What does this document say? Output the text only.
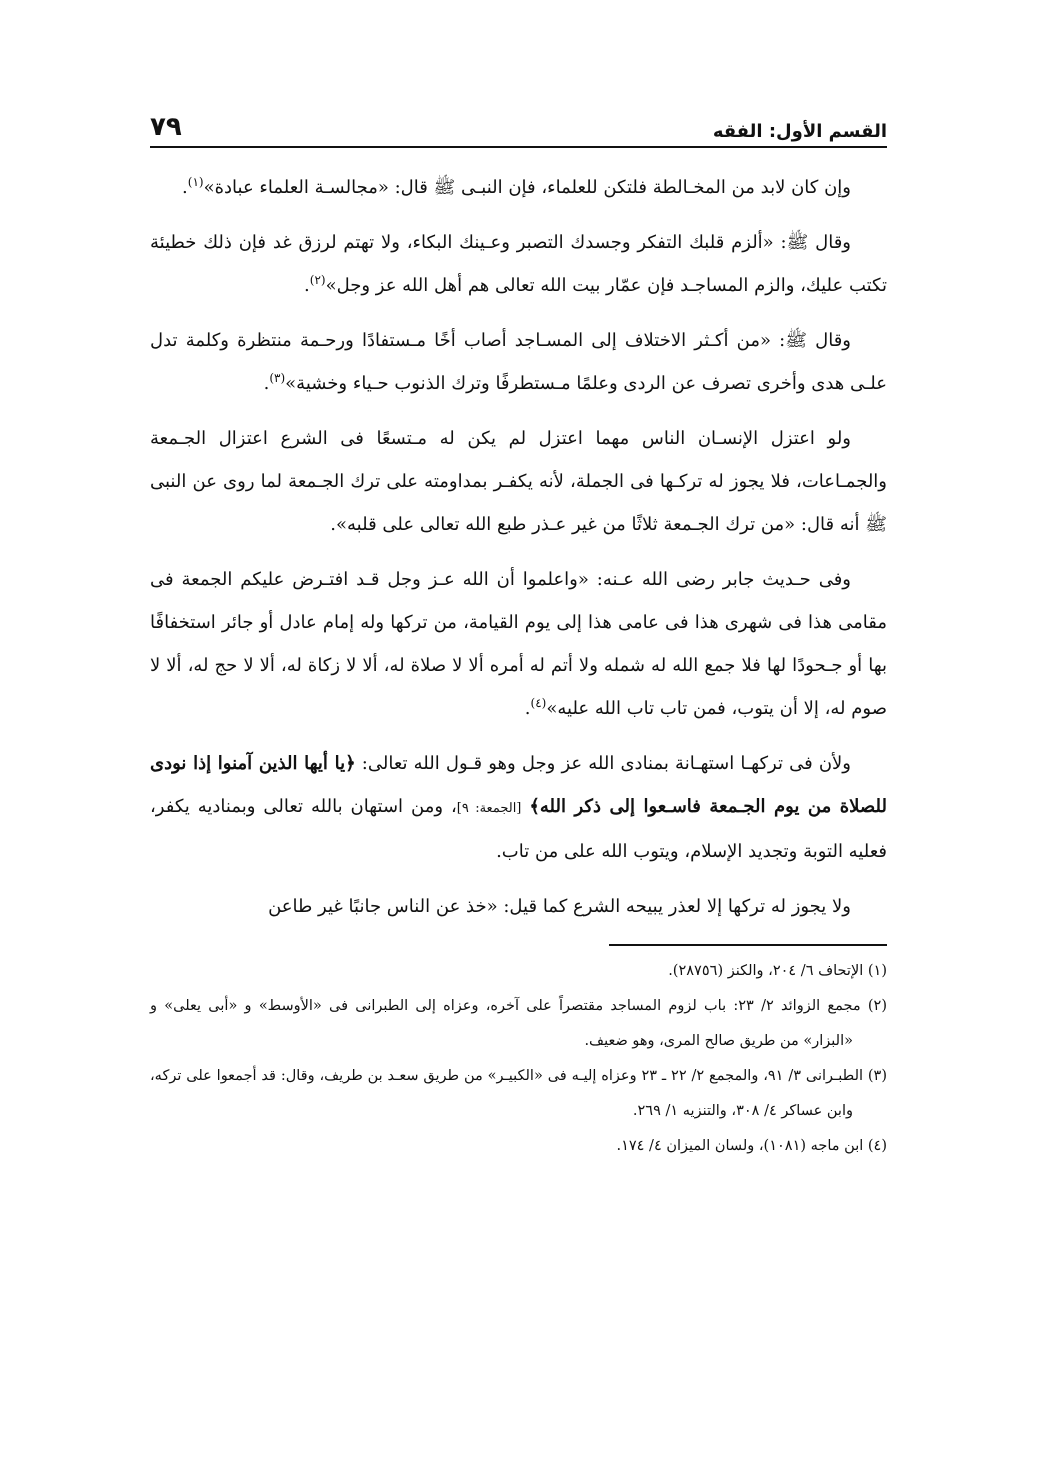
القسم الأول: الفقه
٧٩

وإن كان لابد من المخـالطة فلتكن للعلماء، فإن النبـى ﷺ قال: «مجالسـة العلماء عبادة»$^{(١)}$.

وقال ﷺ: «ألزم قلبك التفكر وجسدك التصبر وعـينك البكاء، ولا تهتم لرزق غد فإن ذلك خطيئة تكتب عليك، والزم المساجـد فإن عمّار بيت الله تعالى هم أهل الله عز وجل»$^{(٢)}$.

وقال ﷺ: «من أكـثر الاختلاف إلى المسـاجد أصاب أخًا مـستفادًا ورحـمة منتظرة وكلمة تدل علـى هدى وأخرى تصرف عن الردى وعلمًا مـستطرفًا وترك الذنوب حـياء وخشية»$^{(٣)}$.

ولو اعتزل الإنسـان الناس مهما اعتزل لم يكن له مـتسعًا فى الشرع اعتزال الجـمعة والجمـاعات، فلا يجوز له تركـها فى الجملة، لأنه يكفـر بمداومته على ترك الجـمعة لما روى عن النبى ﷺ أنه قال: «من ترك الجـمعة ثلاثًا من غير عـذر طبع الله تعالى على قلبه».

وفى حـديث جابر رضى الله عـنه: «واعلموا أن الله عـز وجل قـد افتـرض عليكم الجمعة فى مقامى هذا فى شهرى هذا فى عامى هذا إلى يوم القيامة، من تركها وله إمام عادل أو جائر استخفافًا بها أو جـحودًا لها فلا جمع الله له شمله ولا أتم له أمره ألا لا صلاة له، ألا لا زكاة له، ألا لا حج له، ألا لا صوم له، إلا أن يتوب، فمن تاب تاب الله عليه»$^{(٤)}$.

ولأن فى تركهـا استهـانة بمنادى الله عز وجل وهو قـول الله تعالى: ﴿يا أيها الذين آمنوا إذا نودى للصلاة من يوم الجـمعة فاسـعوا إلى ذكر الله﴾ [الجمعة: ٩]، ومن استهان بالله تعالى وبمناديه يكفر، فعليه التوبة وتجديد الإسلام، ويتوب الله على من تاب.

ولا يجوز له تركها إلا لعذر يبيحه الشرع كما قيل: «خذ عن الناس جانبًا غير طاعن

(١) الإتحاف ٦/ ٢٠٤، والكنز (٢٨٧٥٦).

(٢) مجمع الزوائد ٢/ ٢٣: باب لزوم المساجد مقتصراً على آخره، وعزاه إلى الطبرانى فى «الأوسط» و «أبى يعلى» و «البزار» من طريق صالح المرى، وهو ضعيف.

(٣) الطبـرانى ٣/ ٩١، والمجمع ٢/ ٢٢ ـ ٢٣ وعزاه إليـه فى «الكبيـر» من طريق سعـد بن طريف، وقال: قد أجمعوا على تركه، وابن عساكر ٤/ ٣٠٨، والتنزيه ١/ ٢٦٩.

(٤) ابن ماجه (١٠٨١)، ولسان الميزان ٤/ ١٧٤.
